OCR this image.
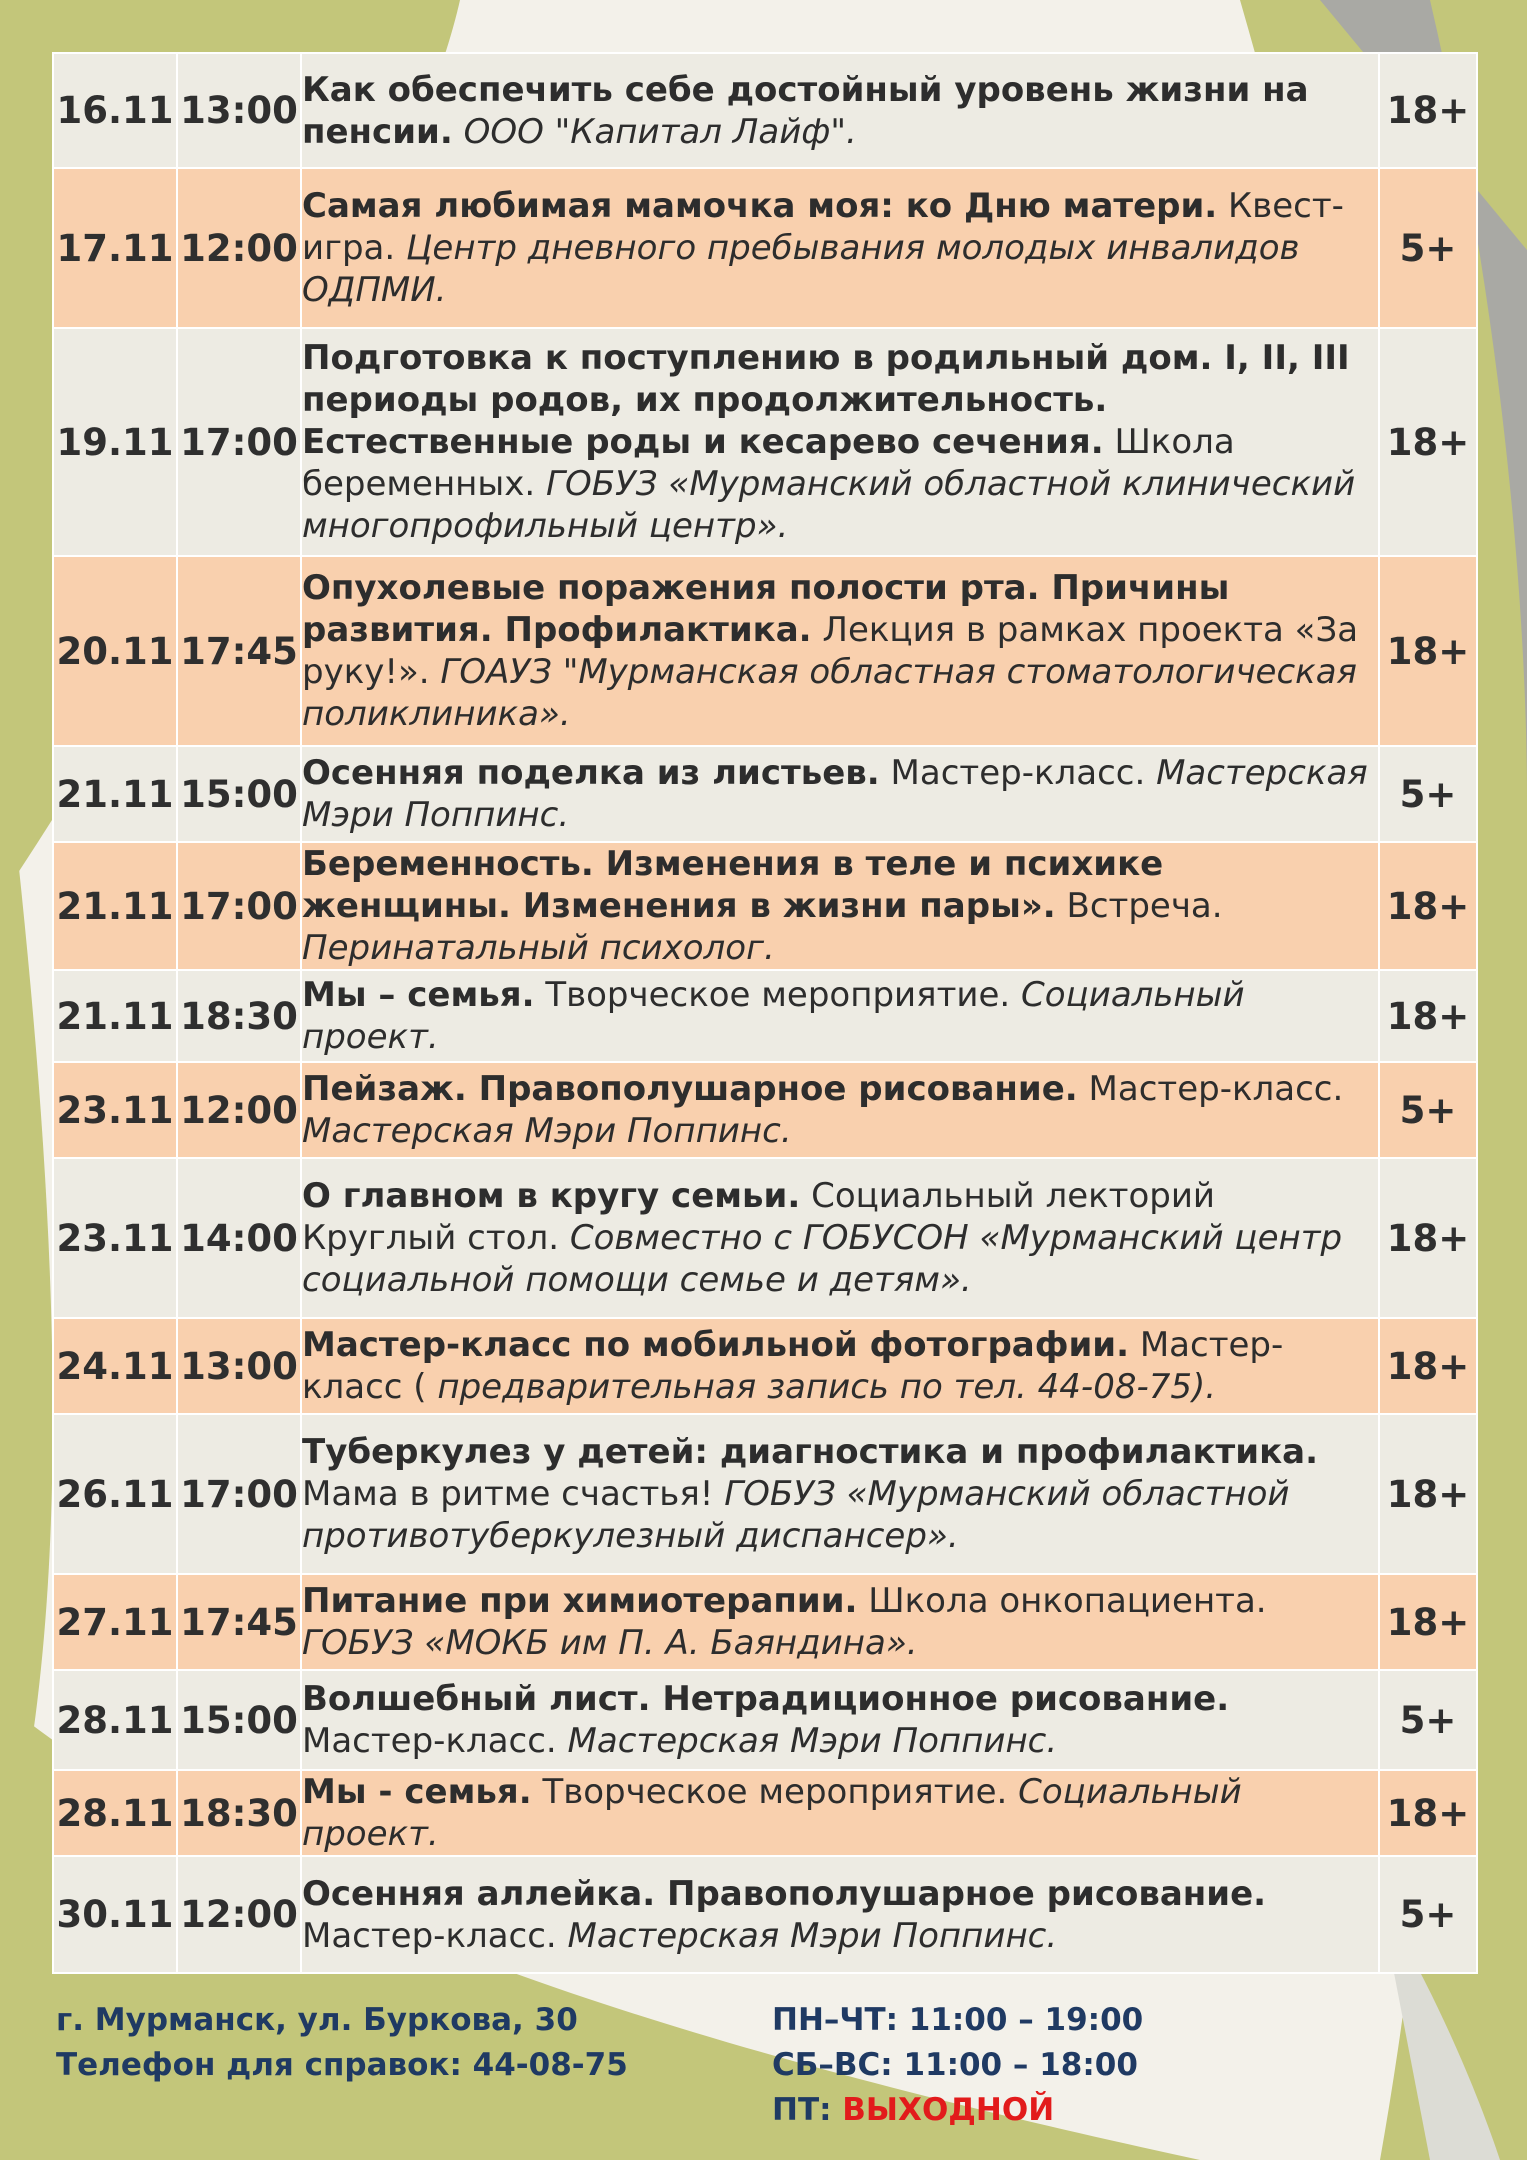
16.11	13:00	Как обеспечить себе достойный уровень жизни на пенсии. ООО "Капитал Лайф".	18+
17.11	12:00	Самая любимая мамочка моя: ко Дню матери. Квест-игра. Центр дневного пребывания молодых инвалидов ОДПМИ.	5+
19.11	17:00	Подготовка к поступлению в родильный дом. I, II, III периоды родов, их продолжительность. Естественные роды и кесарево сечения. Школа беременных. ГОБУЗ «Мурманский областной клинический многопрофильный центр».	18+
20.11	17:45	Опухолевые поражения полости рта. Причины развития. Профилактика. Лекция в рамках проекта «За руку!». ГОАУЗ "Мурманская областная стоматологическая поликлиника».	18+
21.11	15:00	Осенняя поделка из листьев. Мастер-класс. Мастерская Мэри Поппинс.	5+
21.11	17:00	Беременность. Изменения в теле и психике женщины. Изменения в жизни пары». Встреча. Перинатальный психолог.	18+
21.11	18:30	Мы – семья. Творческое мероприятие. Социальный проект.	18+
23.11	12:00	Пейзаж. Правополушарное рисование. Мастер-класс. Мастерская Мэри Поппинс.	5+
23.11	14:00	О главном в кругу семьи. Социальный лекторий Круглый стол. Совместно с ГОБУСОН «Мурманский центр социальной помощи семье и детям».	18+
24.11	13:00	Мастер-класс по мобильной фотографии. Мастер-класс ( предварительная запись по тел. 44-08-75).	18+
26.11	17:00	Туберкулез у детей: диагностика и профилактика. Мама в ритме счастья! ГОБУЗ «Мурманский областной противотуберкулезный диспансер».	18+
27.11	17:45	Питание при химиотерапии. Школа онкопациента. ГОБУЗ «МОКБ им П. А. Баяндина».	18+
28.11	15:00	Волшебный лист. Нетрадиционное рисование. Мастер-класс. Мастерская Мэри Поппинс.	5+
28.11	18:30	Мы - семья. Творческое мероприятие. Социальный проект.	18+
30.11	12:00	Осенняя аллейка. Правополушарное рисование. Мастер-класс. Мастерская Мэри Поппинс.	5+
г. Мурманск, ул. Буркова, 30
Телефон для справок: 44-08-75
ПН–ЧТ: 11:00 – 19:00
СБ–ВС: 11:00 – 18:00
ПТ: ВЫХОДНОЙ
